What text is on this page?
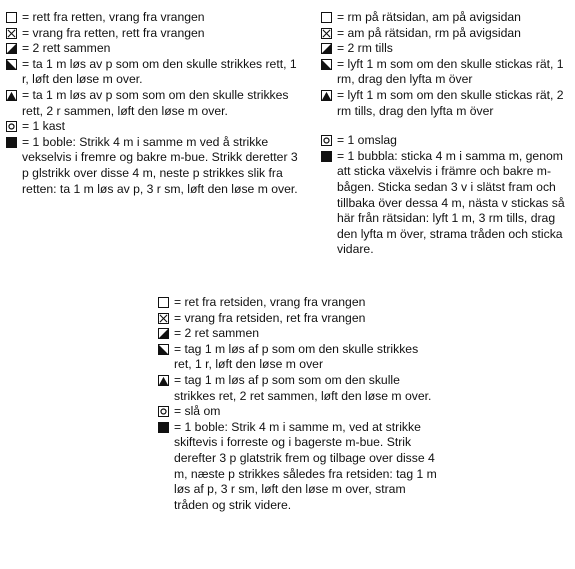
= rett fra retten, vrang fra vrangen
= vrang fra retten, rett fra vrangen
= 2 rett sammen
= ta 1 m løs av p som om den skulle strikkes rett, 1 r, løft den løse m over.
= ta 1 m løs av p som som om den skulle strikkes rett, 2 r sammen, løft den løse m over.
= 1 kast
= 1 boble: Strikk 4 m i samme m ved å strikke vekselvis i fremre og bakre m-bue. Strikk deretter 3 p glstrikk over disse 4 m, neste p strikkes slik fra retten: ta 1 m løs av p, 3 r sm, løft den løse m over.
= rm på rätsidan, am på avigsidan
= am på rätsidan, rm på avigsidan
= 2 rm tills
= lyft 1 m som om den skulle stickas rät, 1 rm, drag den lyfta m över
= lyft 1 m som om den skulle stickas rät, 2 rm tills, drag den lyfta m över
= 1 omslag
= 1 bubbla: sticka 4 m i samma m, genom att sticka växelvis i främre och bakre m-bågen. Sticka sedan 3 v i slätst fram och tillbaka över dessa 4 m, nästa v stickas så här från rätsidan: lyft 1 m, 3 rm tills, drag den lyfta m över, strama tråden och sticka vidare.
= ret fra retsiden, vrang fra vrangen
= vrang fra retsiden, ret fra vrangen
= 2 ret sammen
= tag 1 m løs af p som om den skulle strikkes ret, 1 r, løft den løse m over
= tag 1 m løs af p som som om den skulle strikkes ret, 2 ret sammen, løft den løse m over.
= slå om
= 1 boble: Strik 4 m i samme m, ved at strikke skiftevis i forreste og i bagerste m-bue. Strik derefter 3 p glatstrik frem og tilbage over disse 4 m, næste p strikkes således fra retsiden: tag 1 m løs af p, 3 r sm, løft den løse m over, stram tråden og strik videre.
